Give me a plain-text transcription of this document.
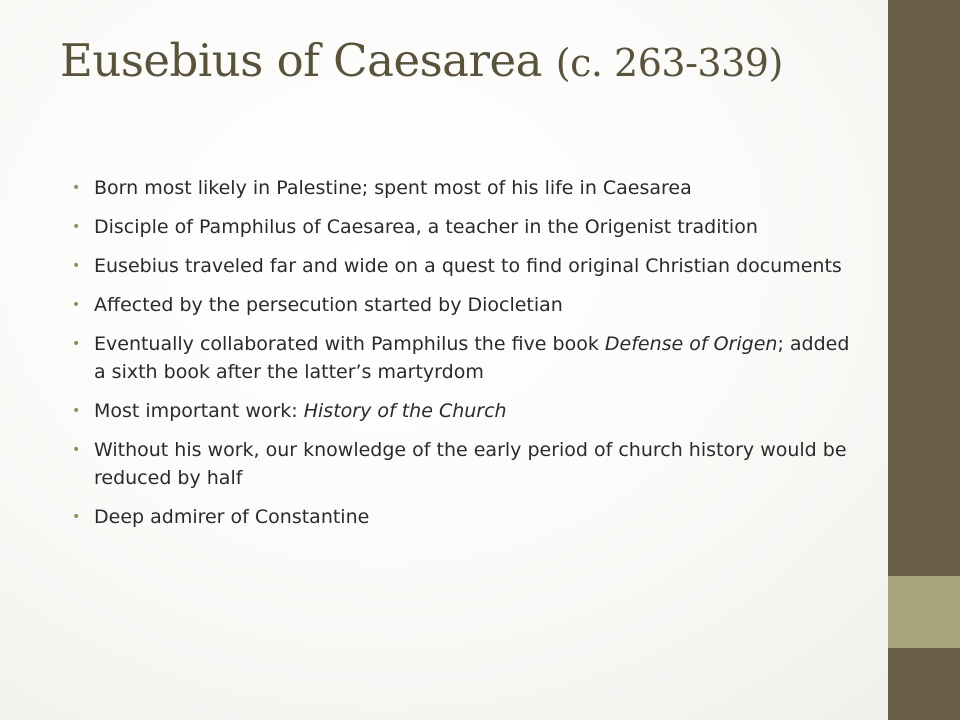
Eusebius of Caesarea (c. 263-339)
• Born most likely in Palestine; spent most of his life in Caesarea
• Disciple of Pamphilus of Caesarea, a teacher in the Origenist tradition
• Eusebius traveled far and wide on a quest to find original Christian documents
• Affected by the persecution started by Diocletian
• Eventually collaborated with Pamphilus the five book Defense of Origen; added a sixth book after the latter’s martyrdom
• Most important work: History of the Church
• Without his work, our knowledge of the early period of church history would be reduced by half
• Deep admirer of Constantine
